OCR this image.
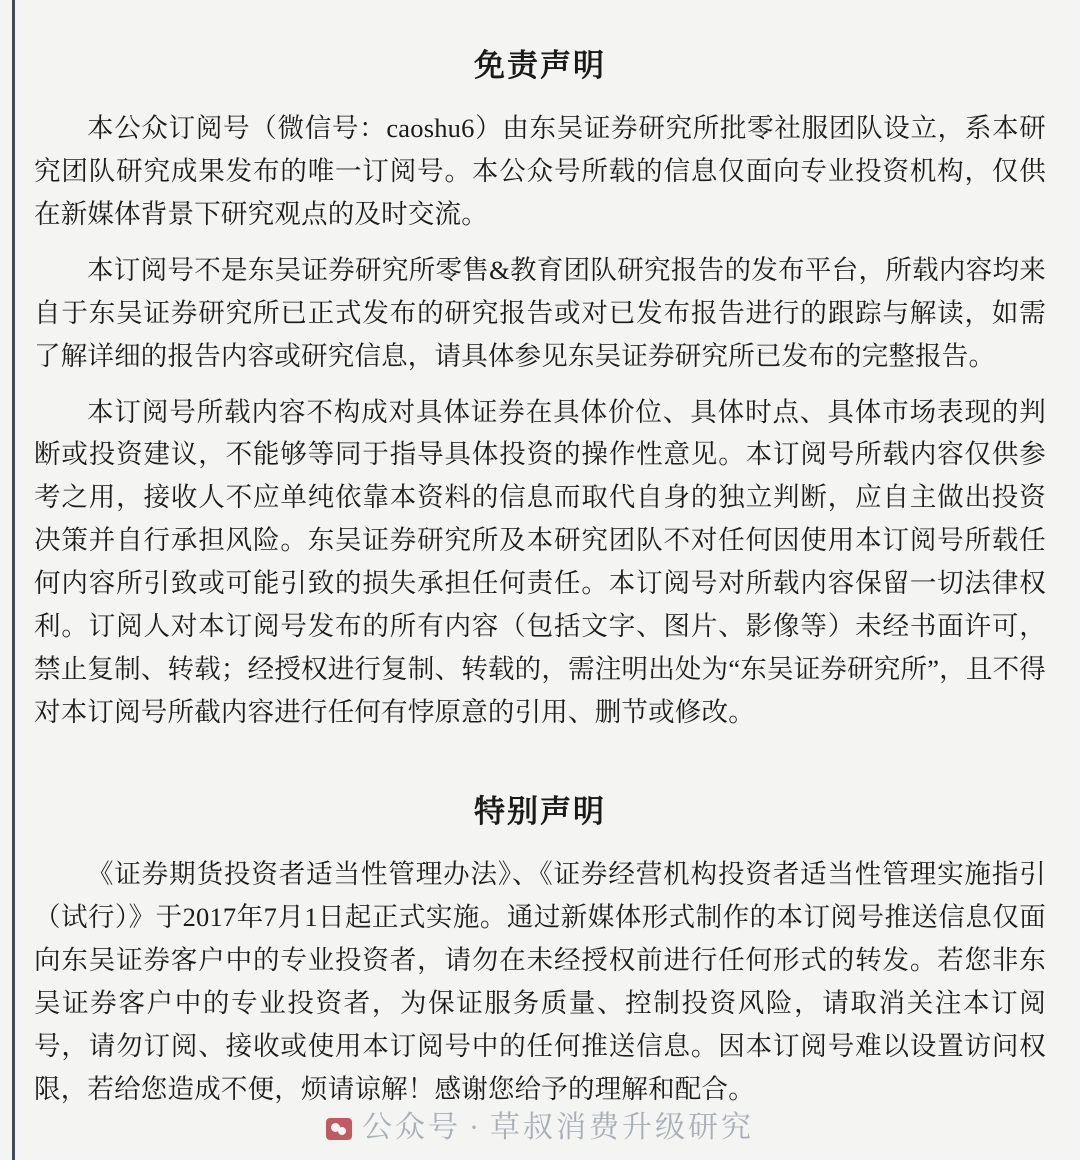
免责声明

本公众订阅号（微信号：caoshu6）由东吴证券研究所批零社服团队设立，系本研究团队研究成果发布的唯一订阅号。本公众号所载的信息仅面向专业投资机构，仅供在新媒体背景下研究观点的及时交流。

本订阅号不是东吴证券研究所零售&教育团队研究报告的发布平台，所载内容均来自于东吴证券研究所已正式发布的研究报告或对已发布报告进行的跟踪与解读，如需了解详细的报告内容或研究信息，请具体参见东吴证券研究所已发布的完整报告。

本订阅号所载内容不构成对具体证券在具体价位、具体时点、具体市场表现的判断或投资建议，不能够等同于指导具体投资的操作性意见。本订阅号所载内容仅供参考之用，接收人不应单纯依靠本资料的信息而取代自身的独立判断，应自主做出投资决策并自行承担风险。东吴证券研究所及本研究团队不对任何因使用本订阅号所载任何内容所引致或可能引致的损失承担任何责任。本订阅号对所载内容保留一切法律权利。订阅人对本订阅号发布的所有内容（包括文字、图片、影像等）未经书面许可，禁止复制、转载；经授权进行复制、转载的，需注明出处为“东吴证券研究所”，且不得对本订阅号所截内容进行任何有悖原意的引用、删节或修改。

特别声明

《证券期货投资者适当性管理办法》、《证券经营机构投资者适当性管理实施指引（试行）》于2017年7月1日起正式实施。通过新媒体形式制作的本订阅号推送信息仅面向东吴证券客户中的专业投资者，请勿在未经授权前进行任何形式的转发。若您非东吴证券客户中的专业投资者，为保证服务质量、控制投资风险，请取消关注本订阅号，请勿订阅、接收或使用本订阅号中的任何推送信息。因本订阅号难以设置访问权限，若给您造成不便，烦请谅解！感谢您给予的理解和配合。

公众号 · 草叔消费升级研究
